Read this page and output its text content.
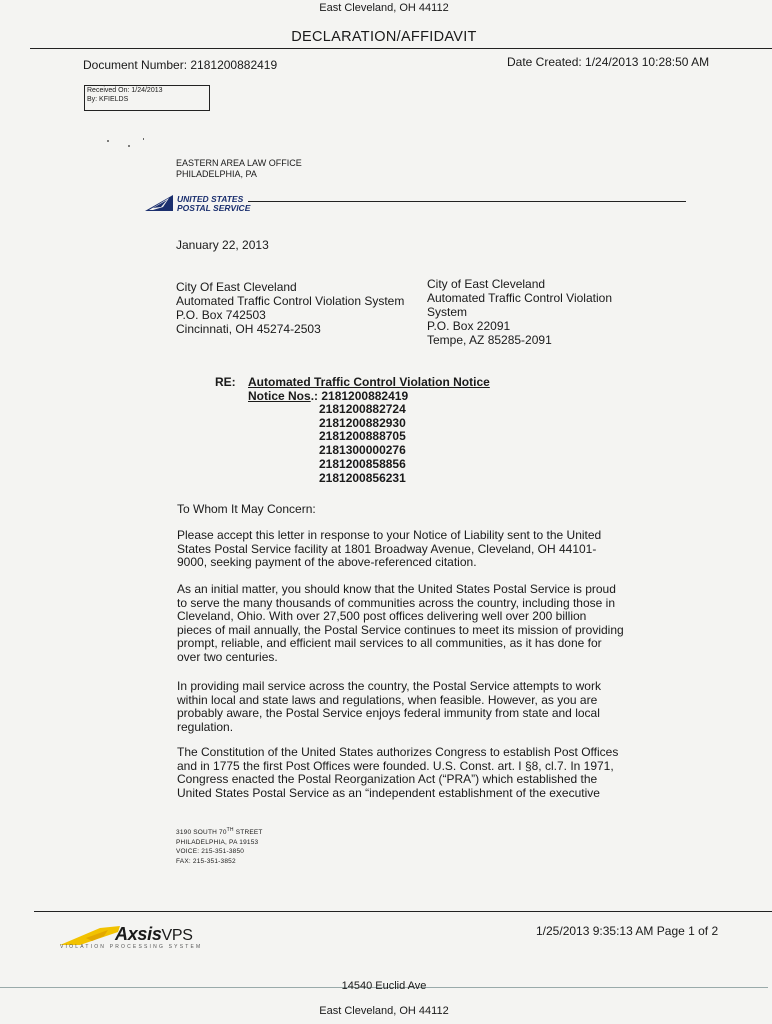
East Cleveland, OH 44112
DECLARATION/AFFIDAVIT
Document Number: 2181200882419	Date Created: 1/24/2013 10:28:50 AM
Received On: 1/24/2013
By: KFIELDS
EASTERN AREA LAW OFFICE
PHILADELPHIA, PA
UNITED STATES
POSTAL SERVICE
January 22, 2013
City Of East Cleveland
Automated Traffic Control Violation System
P.O. Box 742503
Cincinnati, OH 45274-2503
City of East Cleveland
Automated Traffic Control Violation
System
P.O. Box 22091
Tempe, AZ 85285-2091
RE: Automated Traffic Control Violation Notice
Notice Nos.: 2181200882419
2181200882724
2181200882930
2181200888705
2181300000276
2181200858856
2181200856231
To Whom It May Concern:
Please accept this letter in response to your Notice of Liability sent to the United
States Postal Service facility at 1801 Broadway Avenue, Cleveland, OH 44101-
9000, seeking payment of the above-referenced citation.
As an initial matter, you should know that the United States Postal Service is proud
to serve the many thousands of communities across the country, including those in
Cleveland, Ohio. With over 27,500 post offices delivering well over 200 billion
pieces of mail annually, the Postal Service continues to meet its mission of providing
prompt, reliable, and efficient mail services to all communities, as it has done for
over two centuries.
In providing mail service across the country, the Postal Service attempts to work
within local and state laws and regulations, when feasible. However, as you are
probably aware, the Postal Service enjoys federal immunity from state and local
regulation.
The Constitution of the United States authorizes Congress to establish Post Offices
and in 1775 the first Post Offices were founded. U.S. Const. art. I §8, cl.7. In 1971,
Congress enacted the Postal Reorganization Act (“PRA”) which established the
United States Postal Service as an “independent establishment of the executive
3190 SOUTH 70TH STREET
PHILADELPHIA, PA 19153
VOICE: 215-351-3850
FAX: 215-351-3852
AxsisVPS
VIOLATION PROCESSING SYSTEM
1/25/2013 9:35:13 AM Page 1 of 2
14540 Euclid Ave
East Cleveland, OH 44112
